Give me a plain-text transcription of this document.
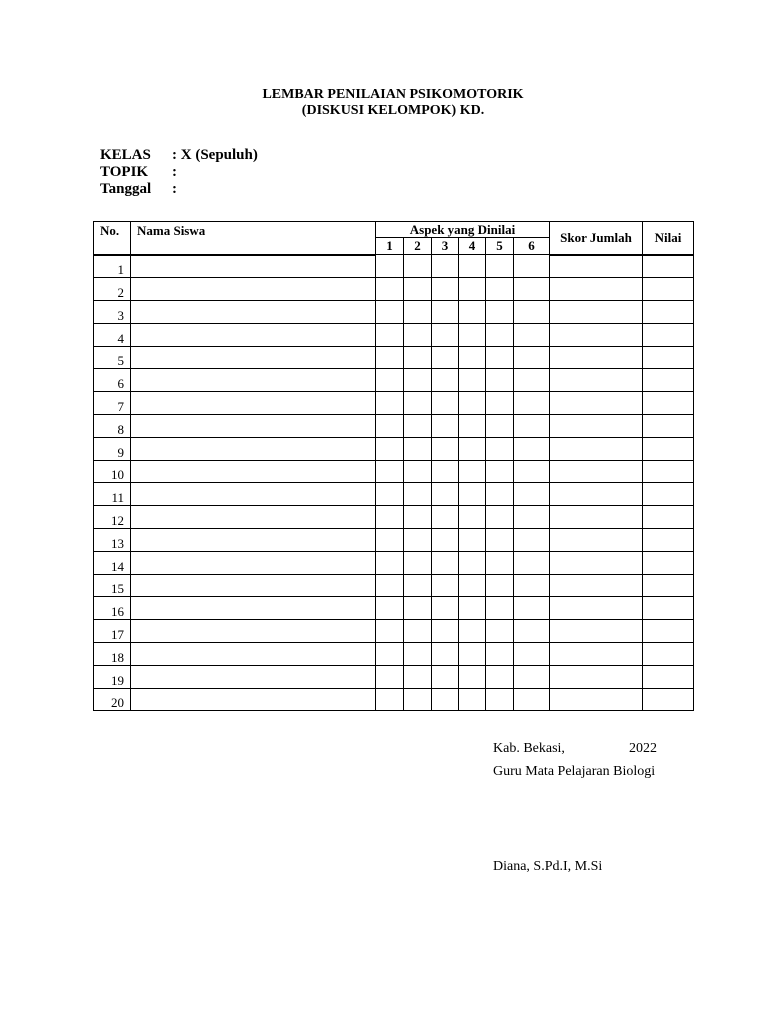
LEMBAR PENILAIAN PSIKOMOTORIK
(DISKUSI KELOMPOK) KD.
KELAS : X (Sepuluh)
TOPIK :
Tanggal :
No.	Nama Siswa	Aspek yang Dinilai						Skor Jumlah	Nilai
		1	2	3	4	5	6		
1									
2									
3									
4									
5									
6									
7									
8									
9									
10									
11									
12									
13									
14									
15									
16									
17									
18									
19									
20									
Kab. Bekasi,	2022
Guru Mata Pelajaran Biologi
Diana, S.Pd.I, M.Si
